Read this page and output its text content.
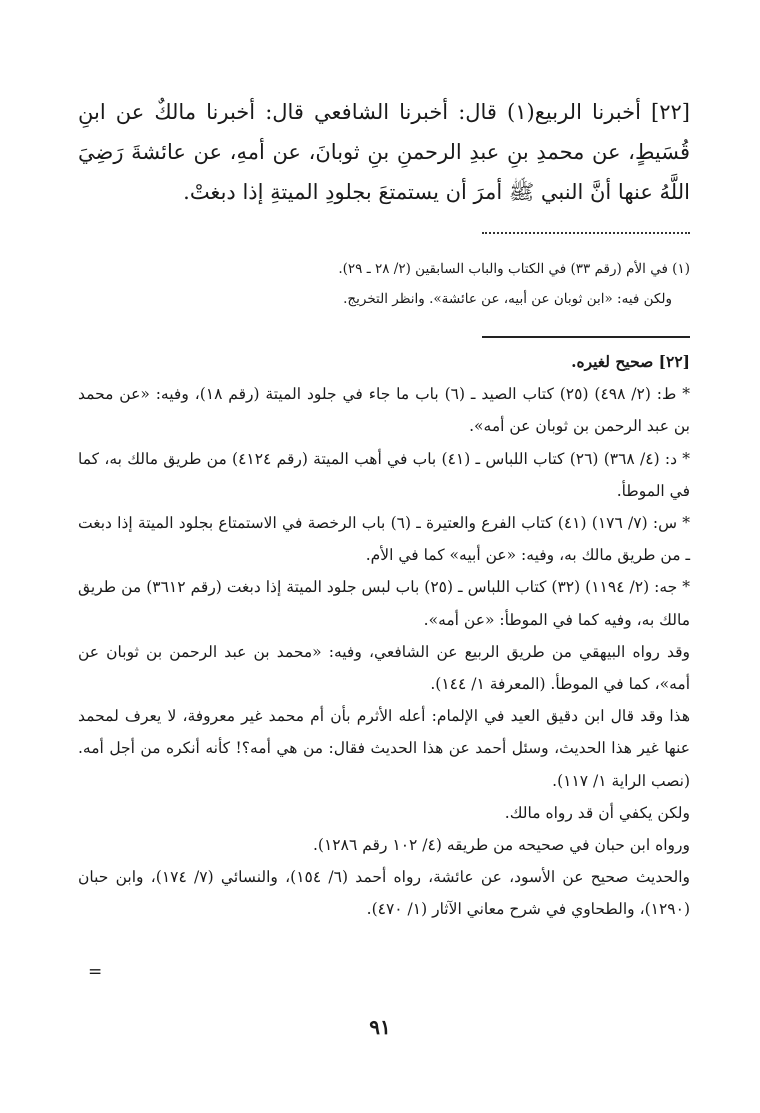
[٢٢] أخبرنا الربيع(١) قال: أخبرنا الشافعي قال: أخبرنا مالكٌ عن ابنِ قُسَيطٍ، عن محمدِ بنِ عبدِ الرحمنِ بنِ ثوبانَ، عن أمهِ، عن عائشةَ رَضِيَ اللَّهُ عنها أنَّ النبي ﷺ أمرَ أن يستمتعَ بجلودِ الميتةِ إذا دبغتْ.

(١) في الأم (رقم ٣٣) في الكتاب والباب السابقين (٢/ ٢٨ ـ ٢٩).
ولكن فيه: «ابن ثوبان عن أبيه، عن عائشة». وانظر التخريج.
[٢٢] صحيح لغيره.
* ط: (٢/ ٤٩٨) (٢٥) كتاب الصيد ـ (٦) باب ما جاء في جلود الميتة (رقم ١٨)، وفيه: «عن محمد بن عبد الرحمن بن ثوبان عن أمه».
* د: (٤/ ٣٦٨) (٢٦) كتاب اللباس ـ (٤١) باب في أهب الميتة (رقم ٤١٢٤) من طريق مالك به، كما في الموطأ.
* س: (٧/ ١٧٦) (٤١) كتاب الفرع والعتيرة ـ (٦) باب الرخصة في الاستمتاع بجلود الميتة إذا دبغت ـ من طريق مالك به، وفيه: «عن أبيه» كما في الأم.
* جه: (٢/ ١١٩٤) (٣٢) كتاب اللباس ـ (٢٥) باب لبس جلود الميتة إذا دبغت (رقم ٣٦١٢) من طريق مالك به، وفيه كما في الموطأ: «عن أمه».
وقد رواه البيهقي من طريق الربيع عن الشافعي، وفيه: «محمد بن عبد الرحمن بن ثوبان عن أمه»، كما في الموطأ. (المعرفة ١/ ١٤٤).
هذا وقد قال ابن دقيق العيد في الإلمام: أعله الأثرم بأن أم محمد غير معروفة، لا يعرف لمحمد عنها غير هذا الحديث، وسئل أحمد عن هذا الحديث فقال: من هي أمه؟! كأنه أنكره من أجل أمه. (نصب الراية ١/ ١١٧).
ولكن يكفي أن قد رواه مالك.
ورواه ابن حبان في صحيحه من طريقه (٤/ ١٠٢ رقم ١٢٨٦).
والحديث صحيح عن الأسود، عن عائشة، رواه أحمد (٦/ ١٥٤)، والنسائي (٧/ ١٧٤)، وابن حبان (١٢٩٠)، والطحاوي في شرح معاني الآثار (١/ ٤٧٠).
=
٩١
